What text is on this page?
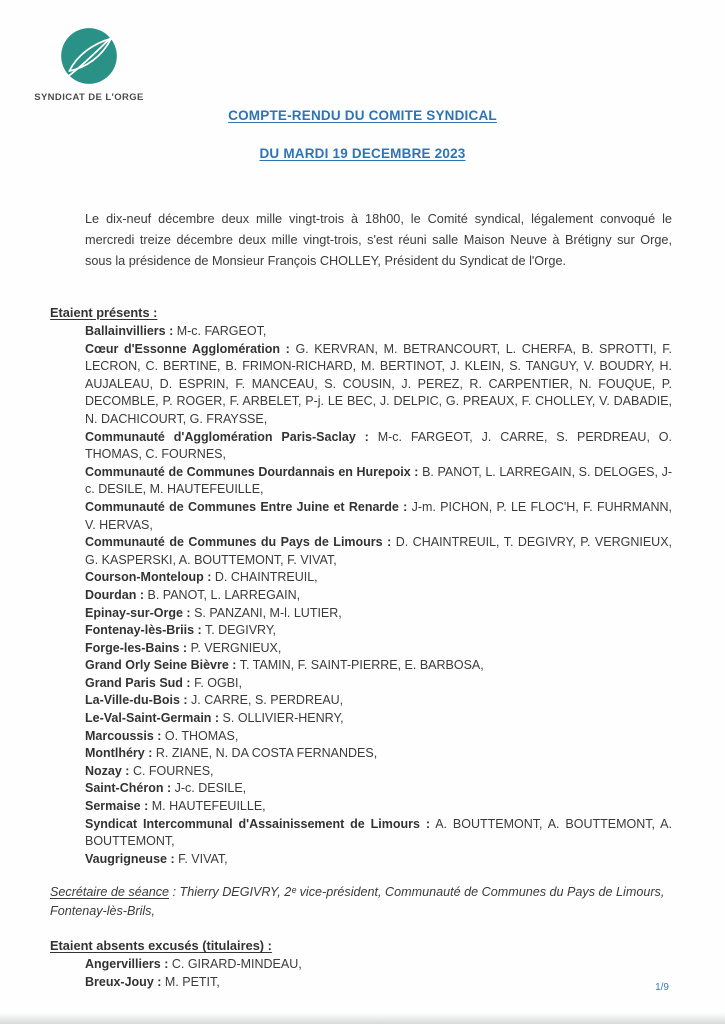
SYNDICAT DE L'ORGE
COMPTE-RENDU DU COMITE SYNDICAL
DU MARDI 19 DECEMBRE 2023

Le dix-neuf décembre deux mille vingt-trois à 18h00, le Comité syndical, légalement convoqué le mercredi treize décembre deux mille vingt-trois, s'est réuni salle Maison Neuve à Brétigny sur Orge, sous la présidence de Monsieur François CHOLLEY, Président du Syndicat de l'Orge.

Etaient présents :
Ballainvilliers : M-c. FARGEOT,
Cœur d'Essonne Agglomération : G. KERVRAN, M. BETRANCOURT, L. CHERFA, B. SPROTTI, F. LECRON, C. BERTINE, B. FRIMON-RICHARD, M. BERTINOT, J. KLEIN, S. TANGUY, V. BOUDRY, H. AUJALEAU, D. ESPRIN, F. MANCEAU, S. COUSIN, J. PEREZ, R. CARPENTIER, N. FOUQUE, P. DECOMBLE, P. ROGER, F. ARBELET, P-j. LE BEC, J. DELPIC, G. PREAUX, F. CHOLLEY, V. DABADIE, N. DACHICOURT, G. FRAYSSE,
Communauté d'Agglomération Paris-Saclay : M-c. FARGEOT, J. CARRE, S. PERDREAU, O. THOMAS, C. FOURNES,
Communauté de Communes Dourdannais en Hurepoix : B. PANOT, L. LARREGAIN, S. DELOGES, J-c. DESILE, M. HAUTEFEUILLE,
Communauté de Communes Entre Juine et Renarde : J-m. PICHON, P. LE FLOC'H, F. FUHRMANN, V. HERVAS,
Communauté de Communes du Pays de Limours : D. CHAINTREUIL, T. DEGIVRY, P. VERGNIEUX, G. KASPERSKI, A. BOUTTEMONT, F. VIVAT,
Courson-Monteloup : D. CHAINTREUIL,
Dourdan : B. PANOT, L. LARREGAIN,
Epinay-sur-Orge : S. PANZANI, M-l. LUTIER,
Fontenay-lès-Briis : T. DEGIVRY,
Forge-les-Bains : P. VERGNIEUX,
Grand Orly Seine Bièvre : T. TAMIN, F. SAINT-PIERRE, E. BARBOSA,
Grand Paris Sud : F. OGBI,
La-Ville-du-Bois : J. CARRE, S. PERDREAU,
Le-Val-Saint-Germain : S. OLLIVIER-HENRY,
Marcoussis : O. THOMAS,
Montlhéry : R. ZIANE, N. DA COSTA FERNANDES,
Nozay : C. FOURNES,
Saint-Chéron : J-c. DESILE,
Sermaise : M. HAUTEFEUILLE,
Syndicat Intercommunal d'Assainissement de Limours : A. BOUTTEMONT, A. BOUTTEMONT, A. BOUTTEMONT,
Vaugrigneuse : F. VIVAT,

Secrétaire de séance : Thierry DEGIVRY, 2ᵉ vice-président, Communauté de Communes du Pays de Limours, Fontenay-lès-Brils,

Etaient absents excusés (titulaires) :
Angervilliers : C. GIRARD-MINDEAU,
Breux-Jouy : M. PETIT,	1/9
